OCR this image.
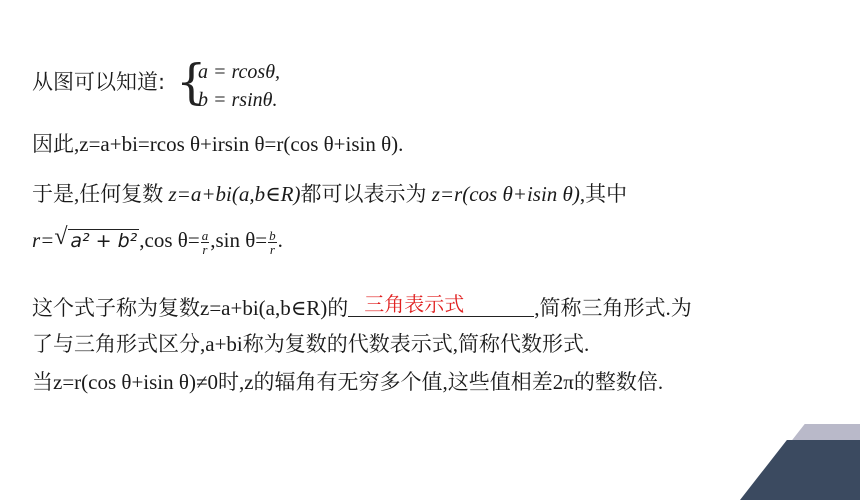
从图可以知道: {
a = rcosθ,
b = rsinθ.
因此,z=a+bi=rcos θ+irsin θ=r(cos θ+isin θ).
于是,任何复数 z=a+bi(a,b∈R)都可以表示为 z=r(cos θ+isin θ),其中
r= √ a² + b²,cos $\theta= \frac{a}{r} ,\sin$ $\theta= \frac{b}{r}$ .
这个式子称为复数z=a+bi(a,b∈R)的 三角表示式	,简称三角形式.为
了与三角形式区分,a+bi称为复数的代数表示式,简称代数形式.
当z=r(cos θ+isin θ)≠0时,z的辐角有无穷多个值,这些值相差2π的整数倍.
